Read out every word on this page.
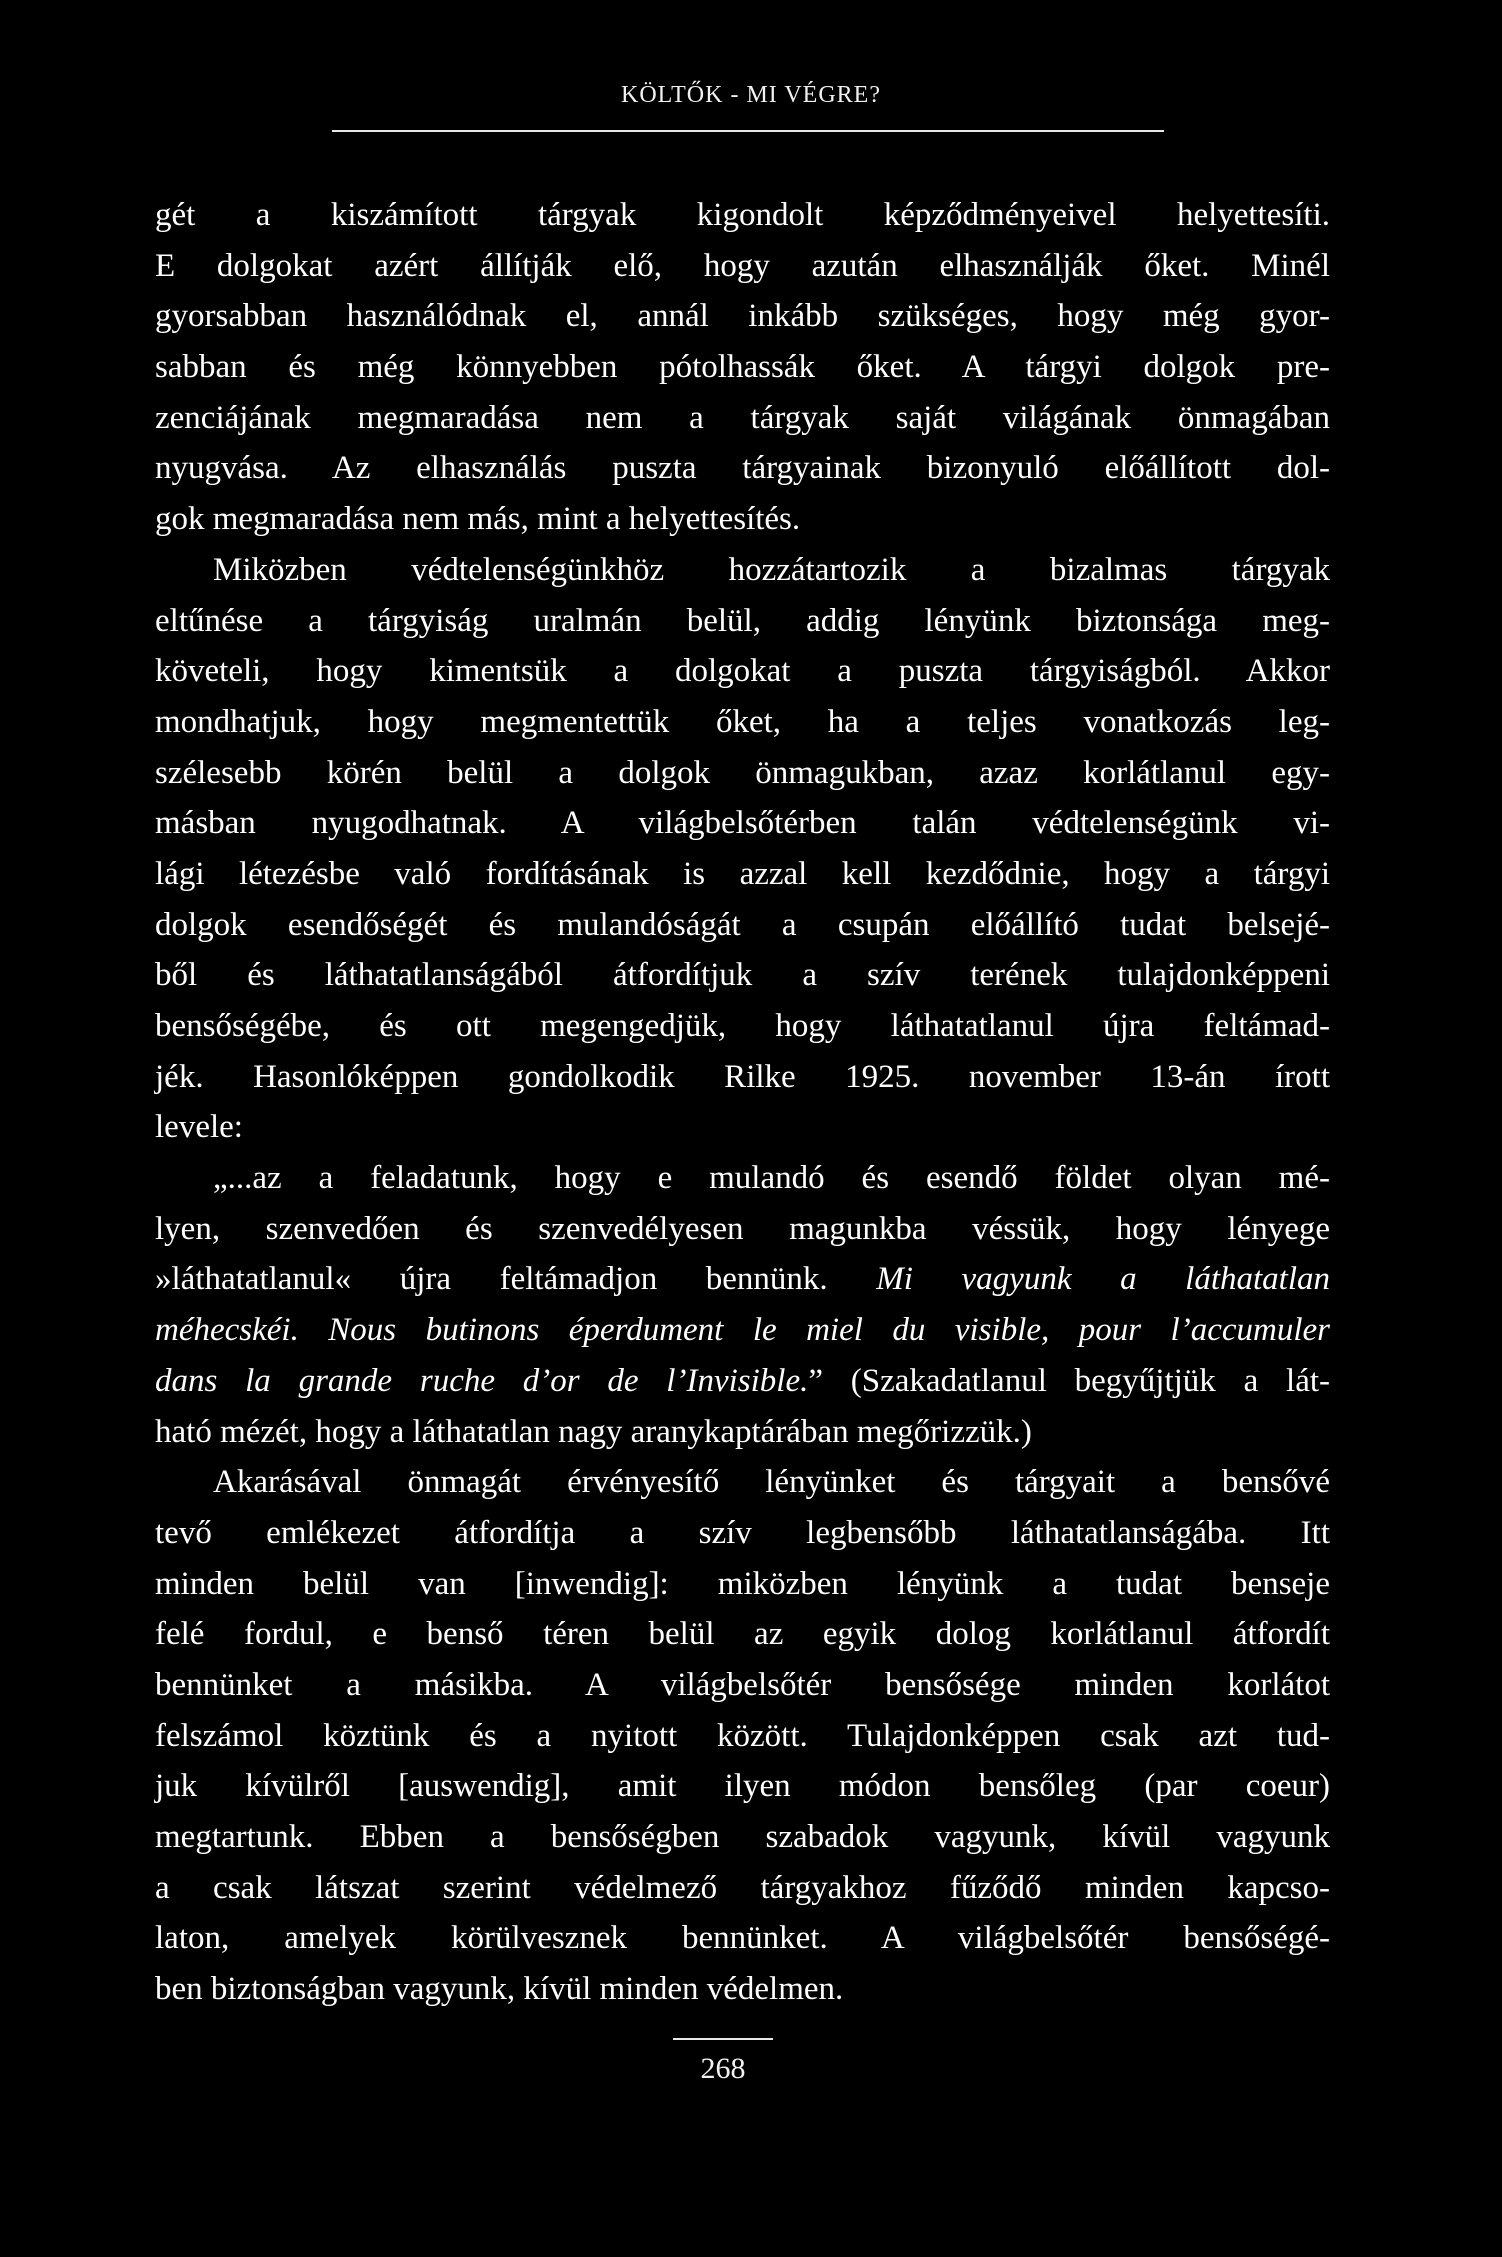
KÖLTŐK - MI VÉGRE?
gét a kiszámított tárgyak kigondolt képződményeivel helyettesíti.
E dolgokat azért állítják elő, hogy azután elhasználják őket. Minél
gyorsabban használódnak el, annál inkább szükséges, hogy még gyor-
sabban és még könnyebben pótolhassák őket. A tárgyi dolgok pre-
zenciájának megmaradása nem a tárgyak saját világának önmagában
nyugvása. Az elhasználás puszta tárgyainak bizonyuló előállított dol-
gok megmaradása nem más, mint a helyettesítés.
Miközben védtelenségünkhöz hozzátartozik a bizalmas tárgyak
eltűnése a tárgyiság uralmán belül, addig lényünk biztonsága meg-
követeli, hogy kimentsük a dolgokat a puszta tárgyiságból. Akkor
mondhatjuk, hogy megmentettük őket, ha a teljes vonatkozás leg-
szélesebb körén belül a dolgok önmagukban, azaz korlátlanul egy-
másban nyugodhatnak. A világbelsőtérben talán védtelenségünk vi-
lági létezésbe való fordításának is azzal kell kezdődnie, hogy a tárgyi
dolgok esendőségét és mulandóságát a csupán előállító tudat belsejé-
ből és láthatatlanságából átfordítjuk a szív terének tulajdonképpeni
bensőségébe, és ott megengedjük, hogy láthatatlanul újra feltámad-
jék. Hasonlóképpen gondolkodik Rilke 1925. november 13-án írott
levele:
„...az a feladatunk, hogy e mulandó és esendő földet olyan mé-
lyen, szenvedően és szenvedélyesen magunkba véssük, hogy lényege
»láthatatlanul« újra feltámadjon bennünk. Mi vagyunk a láthatatlan
méhecskéi. Nous butinons éperdument le miel du visible, pour l’accumuler
dans la grande ruche d’or de l’Invisible.” (Szakadatlanul begyűjtjük a lát-
ható mézét, hogy a láthatatlan nagy aranykaptárában megőrizzük.)
Akarásával önmagát érvényesítő lényünket és tárgyait a bensővé
tevő emlékezet átfordítja a szív legbensőbb láthatatlanságába. Itt
minden belül van [inwendig]: miközben lényünk a tudat benseje
felé fordul, e benső téren belül az egyik dolog korlátlanul átfordít
bennünket a másikba. A világbelsőtér bensősége minden korlátot
felszámol köztünk és a nyitott között. Tulajdonképpen csak azt tud-
juk kívülről [auswendig], amit ilyen módon bensőleg (par coeur)
megtartunk. Ebben a bensőségben szabadok vagyunk, kívül vagyunk
a csak látszat szerint védelmező tárgyakhoz fűződő minden kapcso-
laton, amelyek körülvesznek bennünket. A világbelsőtér bensőségé-
ben biztonságban vagyunk, kívül minden védelmen.
268
